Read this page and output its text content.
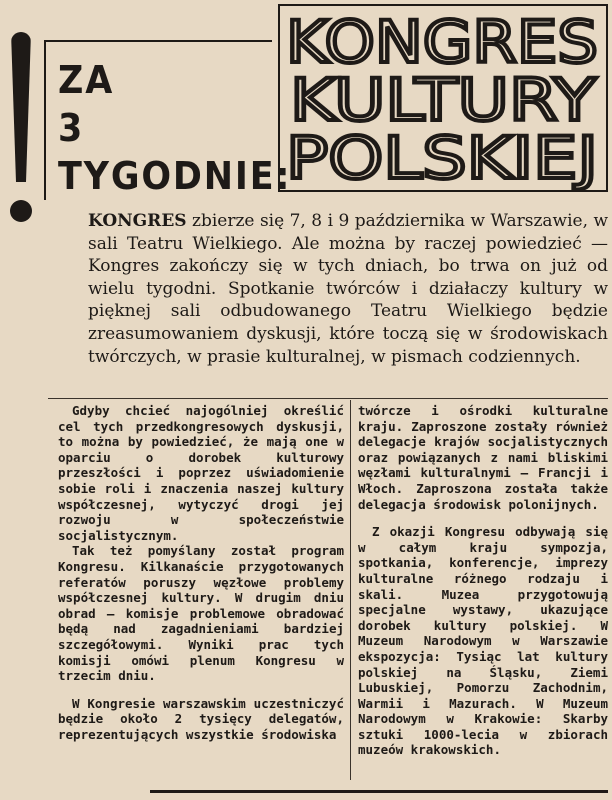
ZA
3
TYGODNIE:
KONGRES
KULTURY
POLSKIEJ

KONGRES zbierze się 7, 8 i 9 października w Warszawie, w sali Teatru Wielkiego. Ale można by raczej powiedzieć — Kongres zakończy się w tych dniach, bo trwa on już od wielu tygodni. Spotkanie twórców i działaczy kultury w pięknej sali odbudowanego Teatru Wielkiego będzie zreasumowaniem dyskusji, które toczą się w środowiskach twórczych, w prasie kulturalnej, w pismach codziennych.

Gdyby chcieć najogólniej określić cel tych przedkongresowych dyskusji, to można by powiedzieć, że mają one w oparciu o dorobek kulturowy przeszłości i poprzez uświadomienie sobie roli i znaczenia naszej kultury współczesnej, wytyczyć drogi jej rozwoju w społeczeństwie socjalistycznym.

Tak też pomyślany został program Kongresu. Kilkanaście przygotowanych referatów poruszy węzłowe problemy współczesnej kultury. W drugim dniu obrad — komisje problemowe obradować będą nad zagadnieniami bardziej szczegółowymi. Wyniki prac tych komisji omówi plenum Kongresu w trzecim dniu.

W Kongresie warszawskim uczestniczyć będzie około 2 tysięcy delegatów, reprezentujących wszystkie środowiska

twórcze i ośrodki kulturalne kraju. Zaproszone zostały również delegacje krajów socjalistycznych oraz powiązanych z nami bliskimi węzłami kulturalnymi — Francji i Włoch. Zaproszona została także delegacja środowisk polonijnych.

Z okazji Kongresu odbywają się w całym kraju sympozja, spotkania, konferencje, imprezy kulturalne różnego rodzaju i skali. Muzea przygotowują specjalne wystawy, ukazujące dorobek kultury polskiej. W Muzeum Narodowym w Warszawie ekspozycja: Tysiąc lat kultury polskiej na Śląsku, Ziemi Lubuskiej, Pomorzu Zachodnim, Warmii i Mazurach. W Muzeum Narodowym w Krakowie: Skarby sztuki 1000-lecia w zbiorach muzeów krakowskich.
